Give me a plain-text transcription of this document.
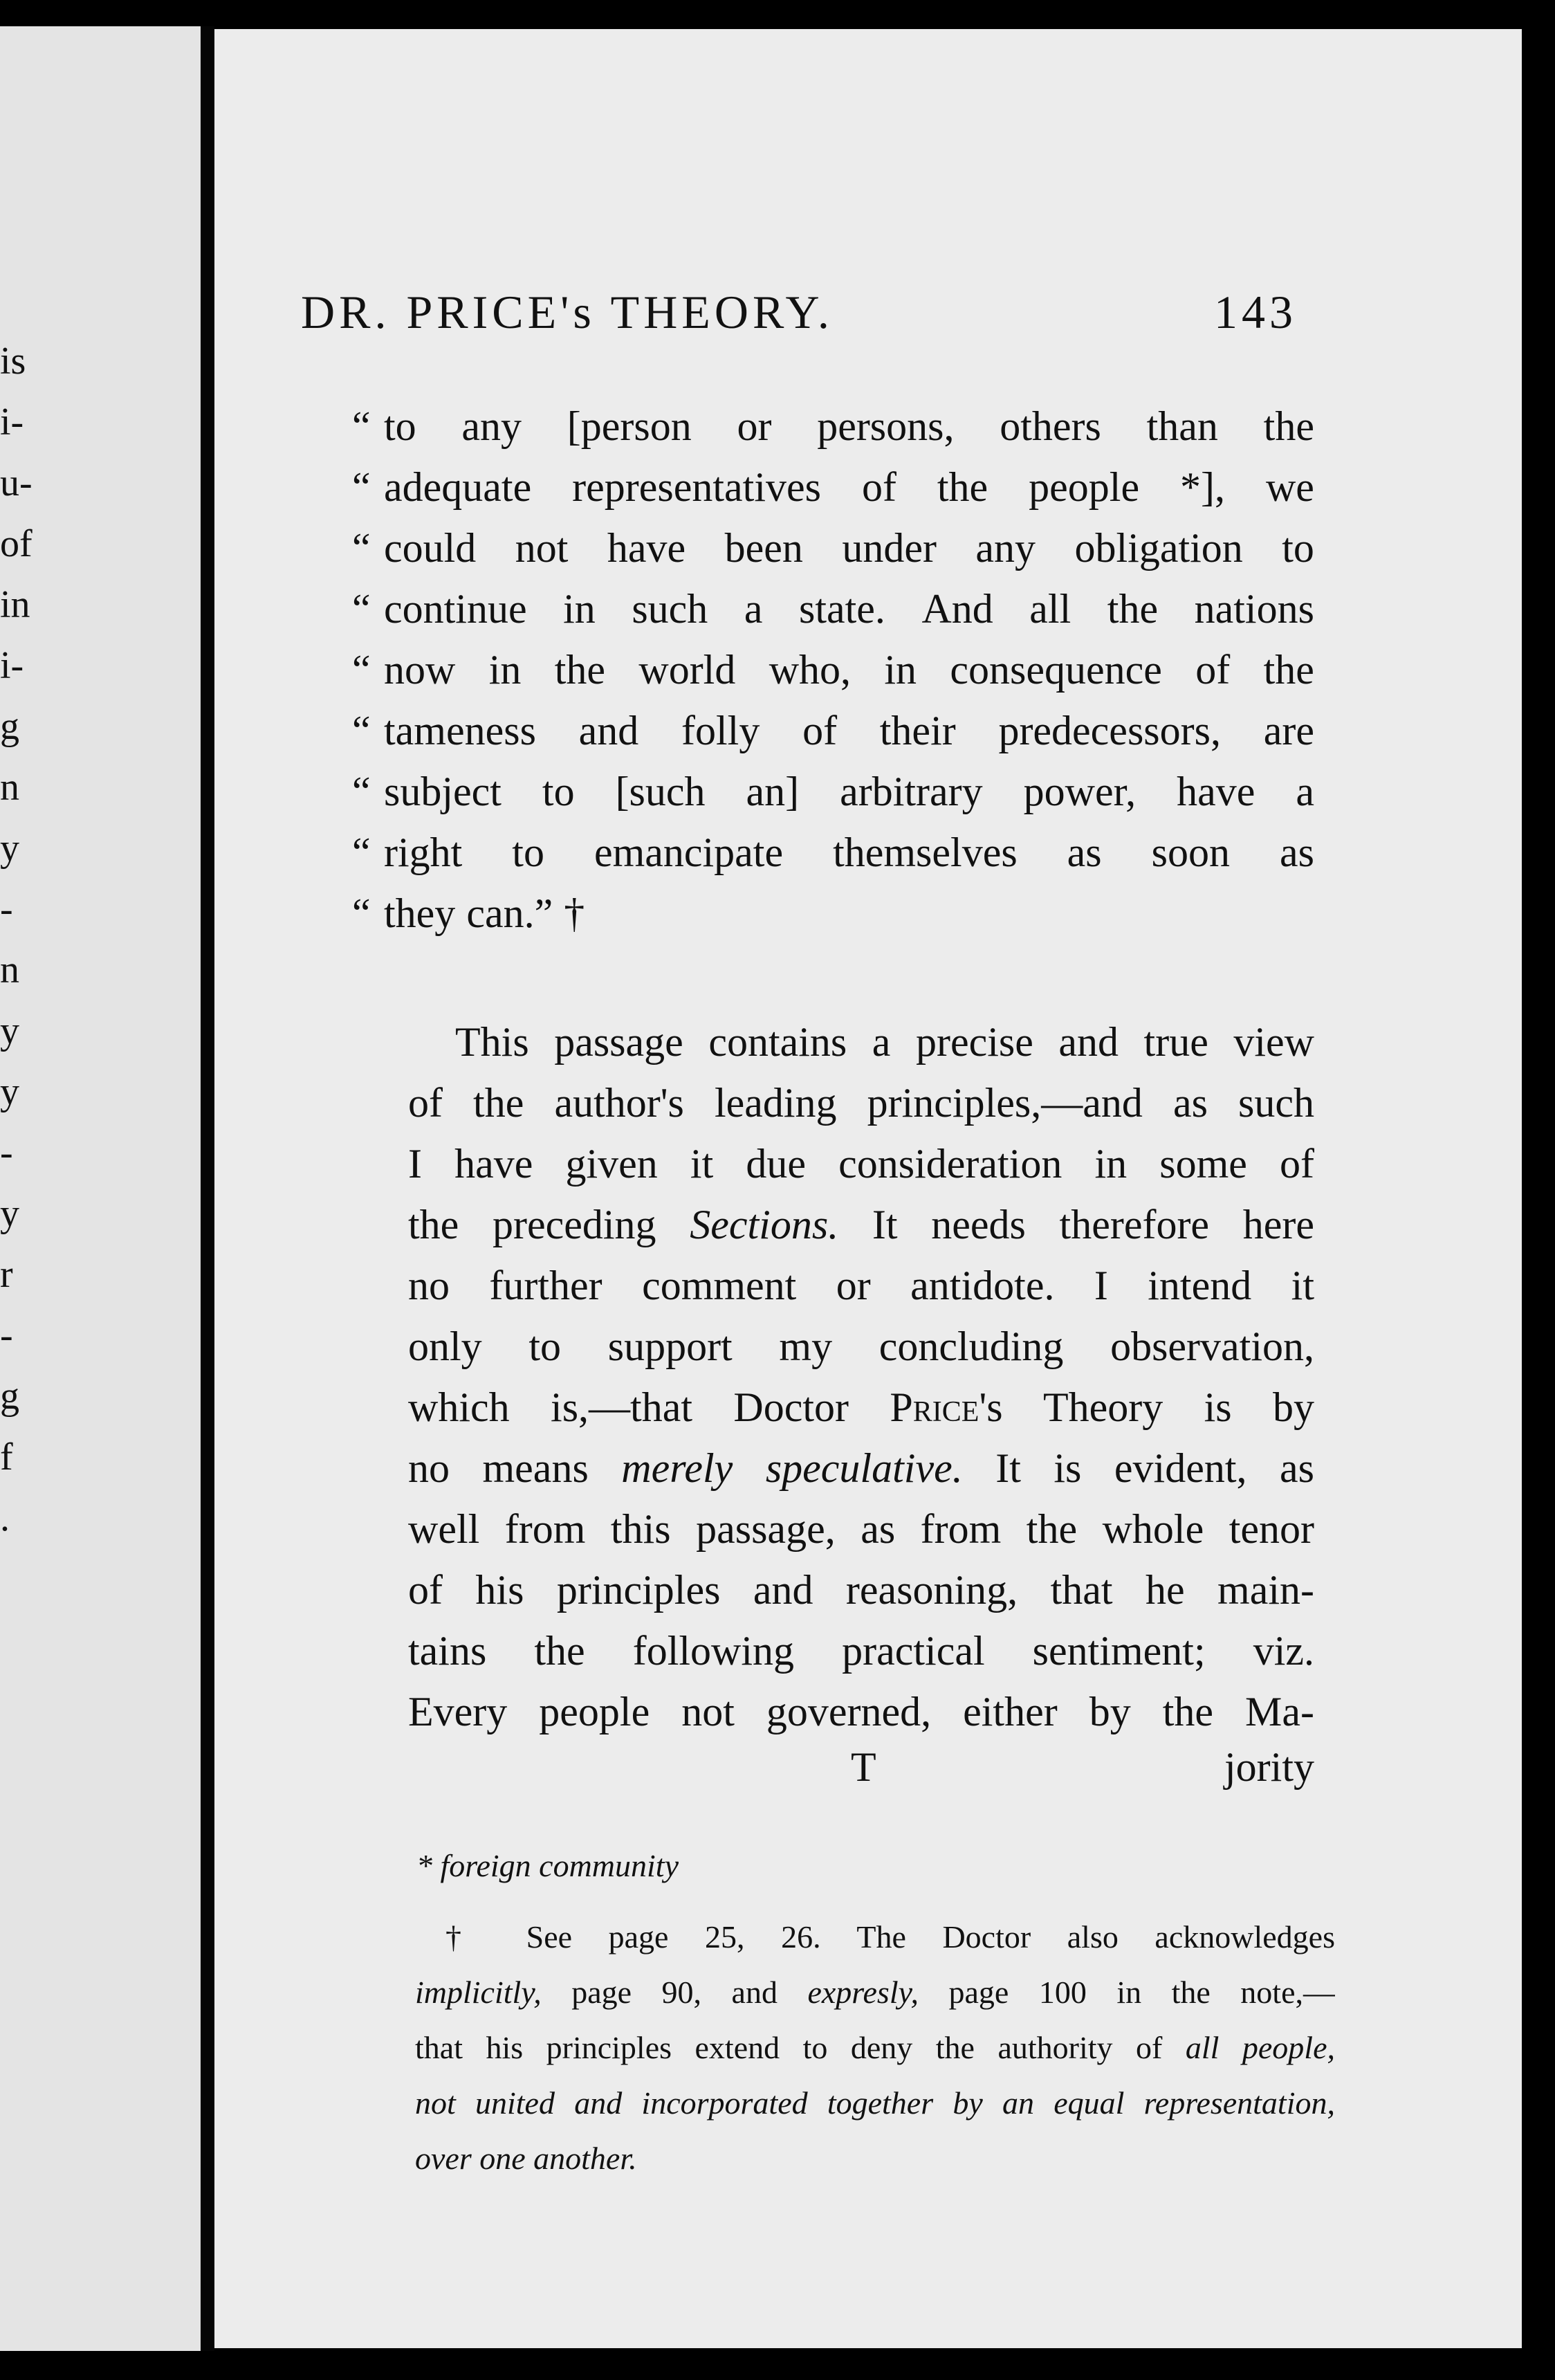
is
i-
u-
of
in
i-
g
n
y
-
n
y
y
-
y
r
-
g
f
.
DR. PRICE's THEORY.	143
“ to any [person or persons, others than the
“ adequate representatives of the people *], we
“ could not have been under any obligation to
“ continue in such a state. And all the nations
“ now in the world who, in consequence of the
“ tameness and folly of their predecessors, are
“ subject to [such an] arbitrary power, have a
“ right to emancipate themselves as soon as
“ they can.” †
This passage contains a precise and true view
of the author's leading principles,—and as such
I have given it due consideration in some of
the preceding Sections. It needs therefore here
no further comment or antidote. I intend it
only to support my concluding observation,
which is,—that Doctor Price's Theory is by
no means merely speculative. It is evident, as
well from this passage, as from the whole tenor
of his principles and reasoning, that he main-
tains the following practical sentiment; viz.
Every people not governed, either by the Ma-
T	jority
* foreign community
† See page 25, 26. The Doctor also acknowledges
implicitly, page 90, and expresly, page 100 in the note,—
that his principles extend to deny the authority of all people,
not united and incorporated together by an equal representation,
over one another.
